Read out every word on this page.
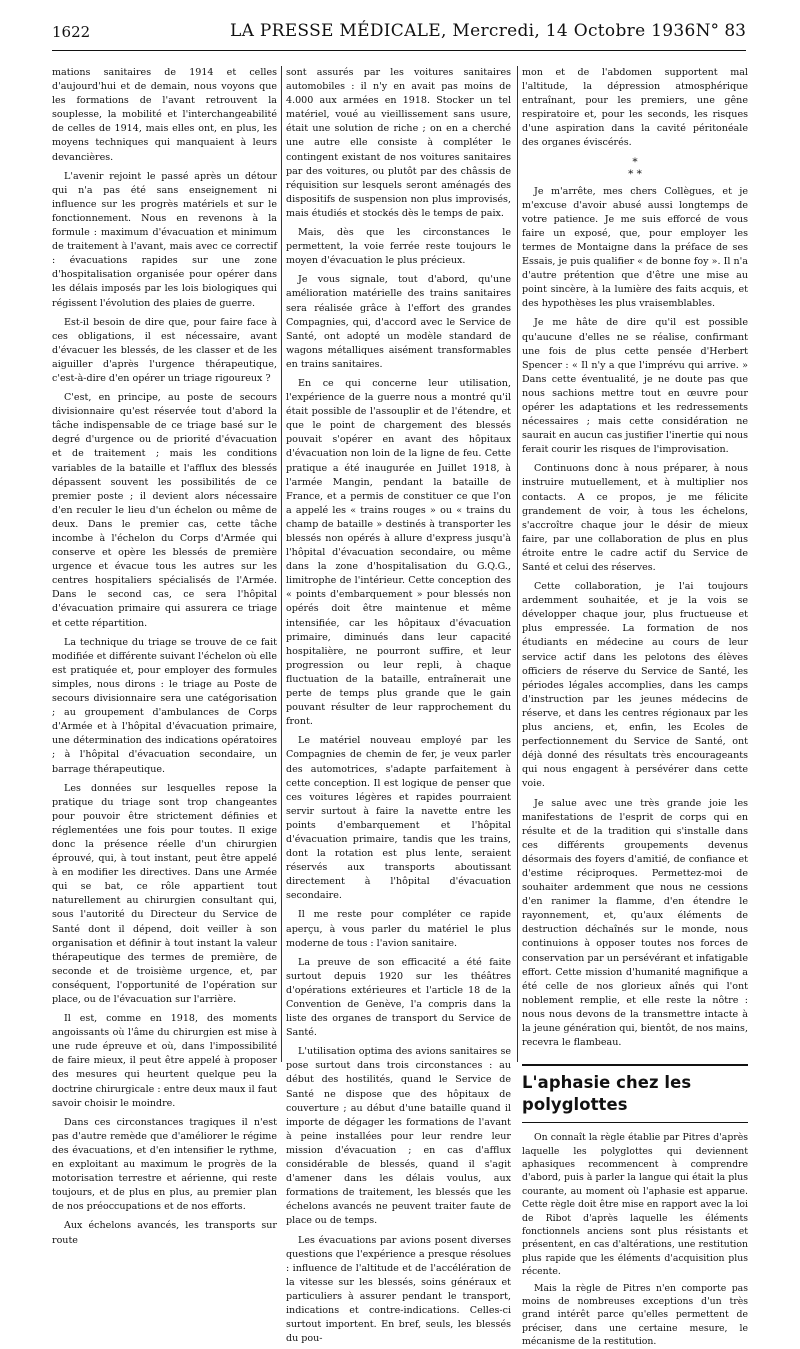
1622	LA PRESSE MÉDICALE, Mercredi, 14 Octobre 1936 N° 83

mations sanitaires de 1914 et celles d'aujourd'hui et de demain, nous voyons que les formations de l'avant retrouvent la souplesse, la mobilité et l'interchangeabilité de celles de 1914, mais elles ont, en plus, les moyens techniques qui manquaient à leurs devancières.

L'avenir rejoint le passé après un détour qui n'a pas été sans enseignement ni influence sur les progrès matériels et sur le fonctionnement. Nous en revenons à la formule : maximum d'évacuation et minimum de traitement à l'avant, mais avec ce correctif : évacuations rapides sur une zone d'hospitalisation organisée pour opérer dans les délais imposés par les lois biologiques qui régissent l'évolution des plaies de guerre.

Est-il besoin de dire que, pour faire face à ces obligations, il est nécessaire, avant d'évacuer les blessés, de les classer et de les aiguiller d'après l'urgence thérapeutique, c'est-à-dire d'en opérer un triage rigoureux ?

C'est, en principe, au poste de secours divisionnaire qu'est réservée tout d'abord la tâche indispensable de ce triage basé sur le degré d'urgence ou de priorité d'évacuation et de traitement ; mais les conditions variables de la bataille et l'afflux des blessés dépassent souvent les possibilités de ce premier poste ; il devient alors nécessaire d'en reculer le lieu d'un échelon ou même de deux. Dans le premier cas, cette tâche incombe à l'échelon du Corps d'Armée qui conserve et opère les blessés de première urgence et évacue tous les autres sur les centres hospitaliers spécialisés de l'Armée. Dans le second cas, ce sera l'hôpital d'évacuation primaire qui assurera ce triage et cette répartition.

La technique du triage se trouve de ce fait modifiée et différente suivant l'échelon où elle est pratiquée et, pour employer des formules simples, nous dirons : le triage au Poste de secours divisionnaire sera une catégorisation ; au groupement d'ambulances de Corps d'Armée et à l'hôpital d'évacuation primaire, une détermination des indications opératoires ; à l'hôpital d'évacuation secondaire, un barrage thérapeutique.

Les données sur lesquelles repose la pratique du triage sont trop changeantes pour pouvoir être strictement définies et réglementées une fois pour toutes. Il exige donc la présence réelle d'un chirurgien éprouvé, qui, à tout instant, peut être appelé à en modifier les directives. Dans une Armée qui se bat, ce rôle appartient tout naturellement au chirurgien consultant qui, sous l'autorité du Directeur du Service de Santé dont il dépend, doit veiller à son organisation et définir à tout instant la valeur thérapeutique des termes de première, de seconde et de troisième urgence, et, par conséquent, l'opportunité de l'opération sur place, ou de l'évacuation sur l'arrière.

Il est, comme en 1918, des moments angoissants où l'âme du chirurgien est mise à une rude épreuve et où, dans l'impossibilité de faire mieux, il peut être appelé à proposer des mesures qui heurtent quelque peu la doctrine chirurgicale : entre deux maux il faut savoir choisir le moindre.

Dans ces circonstances tragiques il n'est pas d'autre remède que d'améliorer le régime des évacuations, et d'en intensifier le rythme, en exploitant au maximum le progrès de la motorisation terrestre et aérienne, qui reste toujours, et de plus en plus, au premier plan de nos préoccupations et de nos efforts.

Aux échelons avancés, les transports sur route

sont assurés par les voitures sanitaires automobiles : il n'y en avait pas moins de 4.000 aux armées en 1918. Stocker un tel matériel, voué au vieillissement sans usure, était une solution de riche ; on en a cherché une autre elle consiste à compléter le contingent existant de nos voitures sanitaires par des voitures, ou plutôt par des châssis de réquisition sur lesquels seront aménagés des dispositifs de suspension non plus improvisés, mais étudiés et stockés dès le temps de paix.

Mais, dès que les circonstances le permettent, la voie ferrée reste toujours le moyen d'évacuation le plus précieux.

Je vous signale, tout d'abord, qu'une amélioration matérielle des trains sanitaires sera réalisée grâce à l'effort des grandes Compagnies, qui, d'accord avec le Service de Santé, ont adopté un modèle standard de wagons métalliques aisément transformables en trains sanitaires.

En ce qui concerne leur utilisation, l'expérience de la guerre nous a montré qu'il était possible de l'assouplir et de l'étendre, et que le point de chargement des blessés pouvait s'opérer en avant des hôpitaux d'évacuation non loin de la ligne de feu. Cette pratique a été inaugurée en Juillet 1918, à l'armée Mangin, pendant la bataille de France, et a permis de constituer ce que l'on a appelé les « trains rouges » ou « trains du champ de bataille » destinés à transporter les blessés non opérés à allure d'express jusqu'à l'hôpital d'évacuation secondaire, ou même dans la zone d'hospitalisation du G.Q.G., limitrophe de l'intérieur. Cette conception des « points d'embarquement » pour blessés non opérés doit être maintenue et même intensifiée, car les hôpitaux d'évacuation primaire, diminués dans leur capacité hospitalière, ne pourront suffire, et leur progression ou leur repli, à chaque fluctuation de la bataille, entraînerait une perte de temps plus grande que le gain pouvant résulter de leur rapprochement du front.

Le matériel nouveau employé par les Compagnies de chemin de fer, je veux parler des automotrices, s'adapte parfaitement à cette conception. Il est logique de penser que ces voitures légères et rapides pourraient servir surtout à faire la navette entre les points d'embarquement et l'hôpital d'évacuation primaire, tandis que les trains, dont la rotation est plus lente, seraient réservés aux transports aboutissant directement à l'hôpital d'évacuation secondaire.

Il me reste pour compléter ce rapide aperçu, à vous parler du matériel le plus moderne de tous : l'avion sanitaire.

La preuve de son efficacité a été faite surtout depuis 1920 sur les théâtres d'opérations extérieures et l'article 18 de la Convention de Genève, l'a compris dans la liste des organes de transport du Service de Santé.

L'utilisation optima des avions sanitaires se pose surtout dans trois circonstances : au début des hostilités, quand le Service de Santé ne dispose que des hôpitaux de couverture ; au début d'une bataille quand il importe de dégager les formations de l'avant à peine installées pour leur rendre leur mission d'évacuation ; en cas d'afflux considérable de blessés, quand il s'agit d'amener dans les délais voulus, aux formations de traitement, les blessés que les échelons avancés ne peuvent traiter faute de place ou de temps.

Les évacuations par avions posent diverses questions que l'expérience a presque résolues : influence de l'altitude et de l'accélération de la vitesse sur les blessés, soins généraux et particuliers à assurer pendant le transport, indications et contre-indications. Celles-ci surtout importent. En bref, seuls, les blessés du pou-

mon et de l'abdomen supportent mal l'altitude, la dépression atmosphérique entraînant, pour les premiers, une gêne respiratoire et, pour les seconds, les risques d'une aspiration dans la cavité péritonéale des organes éviscérés.

*
* *

Je m'arrête, mes chers Collègues, et je m'excuse d'avoir abusé aussi longtemps de votre patience. Je me suis efforcé de vous faire un exposé, que, pour employer les termes de Montaigne dans la préface de ses Essais, je puis qualifier « de bonne foy ». Il n'a d'autre prétention que d'être une mise au point sincère, à la lumière des faits acquis, et des hypothèses les plus vraisemblables.

Je me hâte de dire qu'il est possible qu'aucune d'elles ne se réalise, confirmant une fois de plus cette pensée d'Herbert Spencer : « Il n'y a que l'imprévu qui arrive. » Dans cette éventualité, je ne doute pas que nous sachions mettre tout en œuvre pour opérer les adaptations et les redressements nécessaires ; mais cette considération ne saurait en aucun cas justifier l'inertie qui nous ferait courir les risques de l'improvisation.

Continuons donc à nous préparer, à nous instruire mutuellement, et à multiplier nos contacts. A ce propos, je me félicite grandement de voir, à tous les échelons, s'accroître chaque jour le désir de mieux faire, par une collaboration de plus en plus étroite entre le cadre actif du Service de Santé et celui des réserves.

Cette collaboration, je l'ai toujours ardemment souhaitée, et je la vois se développer chaque jour, plus fructueuse et plus empressée. La formation de nos étudiants en médecine au cours de leur service actif dans les pelotons des élèves officiers de réserve du Service de Santé, les périodes légales accomplies, dans les camps d'instruction par les jeunes médecins de réserve, et dans les centres régionaux par les plus anciens, et, enfin, les Ecoles de perfectionnement du Service de Santé, ont déjà donné des résultats très encourageants qui nous engagent à persévérer dans cette voie.

Je salue avec une très grande joie les manifestations de l'esprit de corps qui en résulte et de la tradition qui s'installe dans ces différents groupements devenus désormais des foyers d'amitié, de confiance et d'estime réciproques. Permettez-moi de souhaiter ardemment que nous ne cessions d'en ranimer la flamme, d'en étendre le rayonnement, et, qu'aux éléments de destruction déchaînés sur le monde, nous continuions à opposer toutes nos forces de conservation par un persévérant et infatigable effort. Cette mission d'humanité magnifique a été celle de nos glorieux aînés qui l'ont noblement remplie, et elle reste la nôtre : nous nous devons de la transmettre intacte à la jeune génération qui, bientôt, de nos mains, recevra le flambeau.

L'aphasie chez les polyglottes

On connaît la règle établie par Pitres d'après laquelle les polyglottes qui deviennent aphasiques recommencent à comprendre d'abord, puis à parler la langue qui était la plus courante, au moment où l'aphasie est apparue. Cette règle doit être mise en rapport avec la loi de Ribot d'après laquelle les éléments fonctionnels anciens sont plus résistants et présentent, en cas d'altérations, une restitution plus rapide que les éléments d'acquisition plus récente.

Mais la règle de Pitres n'en comporte pas moins de nombreuses exceptions d'un très grand intérêt parce qu'elles permettent de préciser, dans une certaine mesure, le mécanisme de la restitution.
